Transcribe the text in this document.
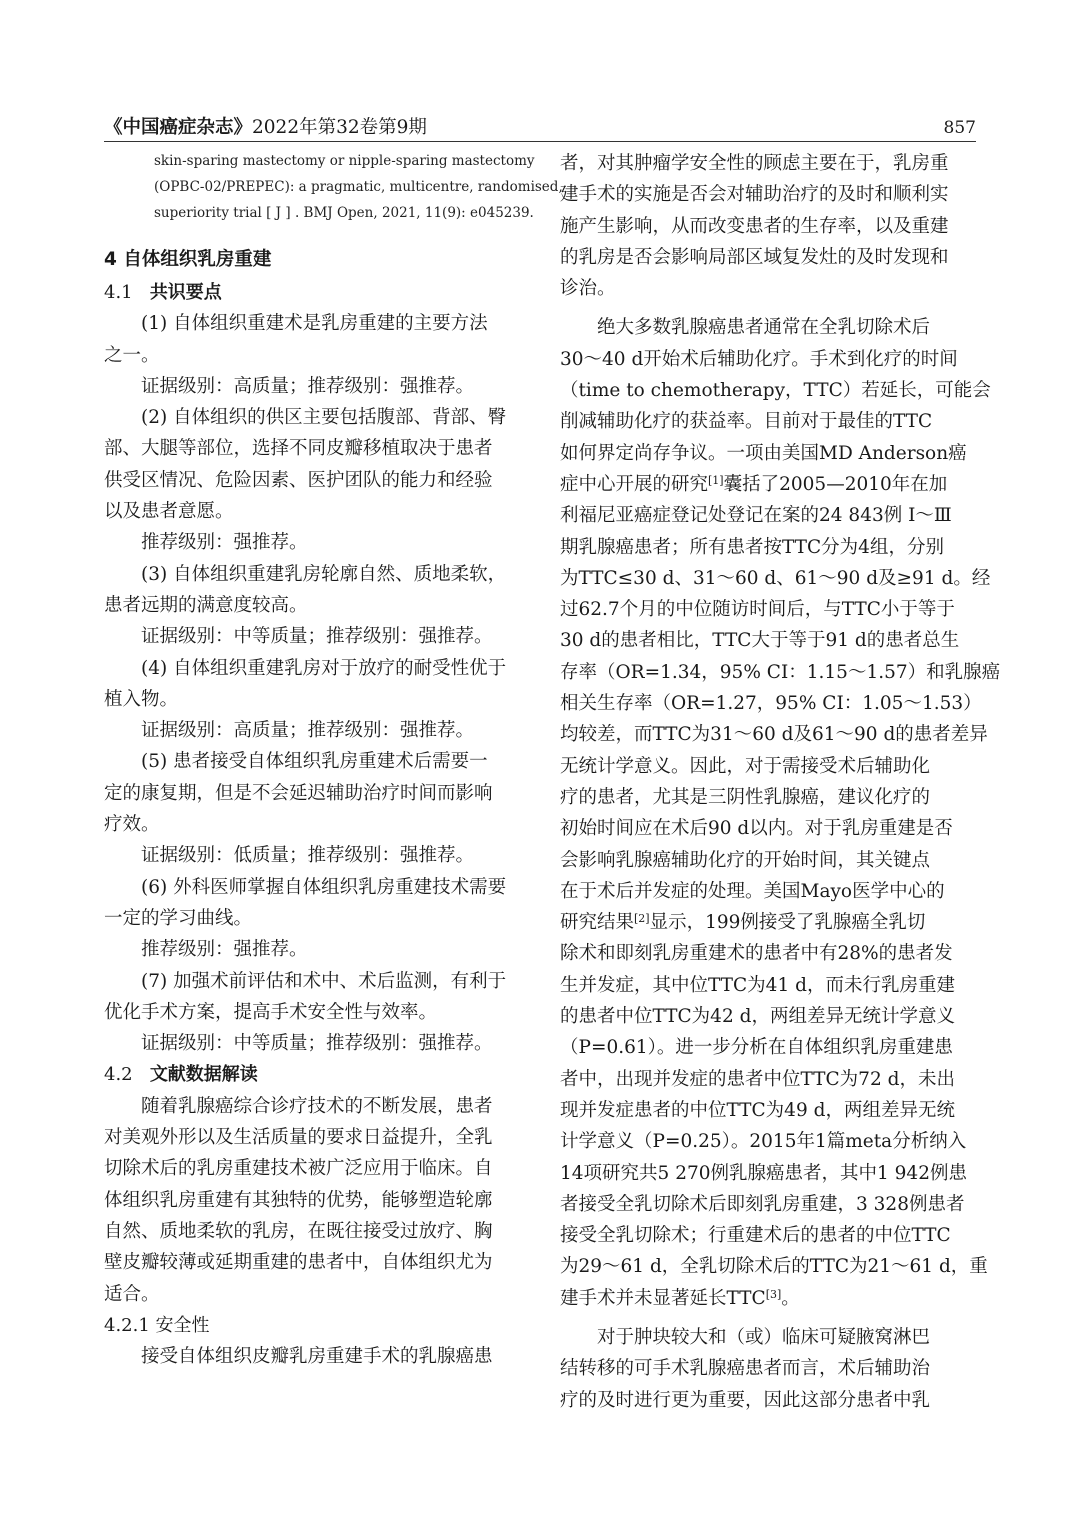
《中国癌症杂志》2022年第32卷第9期	857
skin-sparing mastectomy or nipple-sparing mastectomy
(OPBC-02/PREPEC): a pragmatic, multicentre, randomised,
superiority trial [ J ] . BMJ Open, 2021, 11(9): e045239.
4 自体组织乳房重建
4.1 共识要点
(1) 自体组织重建术是乳房重建的主要方法
之一。
证据级别：高质量；推荐级别：强推荐。
(2) 自体组织的供区主要包括腹部、背部、臀
部、大腿等部位，选择不同皮瓣移植取决于患者
供受区情况、危险因素、医护团队的能力和经验
以及患者意愿。
推荐级别：强推荐。
(3) 自体组织重建乳房轮廓自然、质地柔软，
患者远期的满意度较高。
证据级别：中等质量；推荐级别：强推荐。
(4) 自体组织重建乳房对于放疗的耐受性优于
植入物。
证据级别：高质量；推荐级别：强推荐。
(5) 患者接受自体组织乳房重建术后需要一
定的康复期，但是不会延迟辅助治疗时间而影响
疗效。
证据级别：低质量；推荐级别：强推荐。
(6) 外科医师掌握自体组织乳房重建技术需要
一定的学习曲线。
推荐级别：强推荐。
(7) 加强术前评估和术中、术后监测，有利于
优化手术方案，提高手术安全性与效率。
证据级别：中等质量；推荐级别：强推荐。
4.2 文献数据解读
随着乳腺癌综合诊疗技术的不断发展，患者
对美观外形以及生活质量的要求日益提升，全乳
切除术后的乳房重建技术被广泛应用于临床。自
体组织乳房重建有其独特的优势，能够塑造轮廓
自然、质地柔软的乳房，在既往接受过放疗、胸
壁皮瓣较薄或延期重建的患者中，自体组织尤为
适合。
4.2.1 安全性
接受自体组织皮瓣乳房重建手术的乳腺癌患
者，对其肿瘤学安全性的顾虑主要在于，乳房重
建手术的实施是否会对辅助治疗的及时和顺利实
施产生影响，从而改变患者的生存率，以及重建
的乳房是否会影响局部区域复发灶的及时发现和
诊治。
绝大多数乳腺癌患者通常在全乳切除术后
30～40 d开始术后辅助化疗。手术到化疗的时间
（time to chemotherapy，TTC）若延长，可能会
削减辅助化疗的获益率。目前对于最佳的TTC
如何界定尚存争议。一项由美国MD Anderson癌
症中心开展的研究[1]囊括了2005—2010年在加
利福尼亚癌症登记处登记在案的24 843例 Ⅰ～Ⅲ
期乳腺癌患者；所有患者按TTC分为4组，分别
为TTC≤30 d、31～60 d、61～90 d及≥91 d。经
过62.7个月的中位随访时间后，与TTC小于等于
30 d的患者相比，TTC大于等于91 d的患者总生
存率（OR=1.34，95% CI：1.15～1.57）和乳腺癌
相关生存率（OR=1.27，95% CI：1.05～1.53）
均较差，而TTC为31～60 d及61～90 d的患者差异
无统计学意义。因此，对于需接受术后辅助化
疗的患者，尤其是三阴性乳腺癌，建议化疗的
初始时间应在术后90 d以内。对于乳房重建是否
会影响乳腺癌辅助化疗的开始时间，其关键点
在于术后并发症的处理。美国Mayo医学中心的
研究结果[2]显示，199例接受了乳腺癌全乳切
除术和即刻乳房重建术的患者中有28%的患者发
生并发症，其中位TTC为41 d，而未行乳房重建
的患者中位TTC为42 d，两组差异无统计学意义
（P=0.61）。进一步分析在自体组织乳房重建患
者中，出现并发症的患者中位TTC为72 d，未出
现并发症患者的中位TTC为49 d，两组差异无统
计学意义（P=0.25）。2015年1篇meta分析纳入
14项研究共5 270例乳腺癌患者，其中1 942例患
者接受全乳切除术后即刻乳房重建，3 328例患者
接受全乳切除术；行重建术后的患者的中位TTC
为29～61 d，全乳切除术后的TTC为21～61 d，重
建手术并未显著延长TTC[3]。
对于肿块较大和（或）临床可疑腋窝淋巴
结转移的可手术乳腺癌患者而言，术后辅助治
疗的及时进行更为重要，因此这部分患者中乳
